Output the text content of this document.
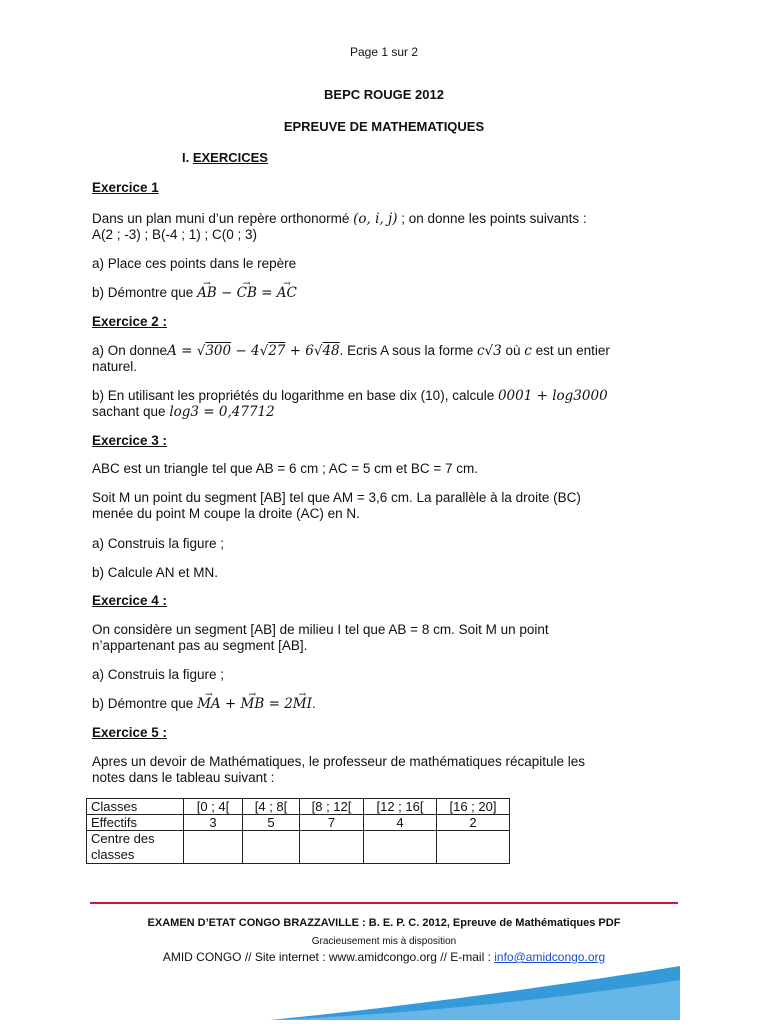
Page 1 sur 2
BEPC ROUGE 2012
EPREUVE DE MATHEMATIQUES
I. EXERCICES
Exercice 1
Dans un plan muni d’un repère orthonormé (o, i, j) ; on donne les points suivants :
A(2 ; -3) ; B(-4 ; 1) ; C(0 ; 3)
a) Place ces points dans le repère
b) Démontre que → AB − → CB = → AC
Exercice 2 :
a) On donneA = √300 − 4√27 + 6√48. Ecris A sous la forme c√3 où c est un entier
naturel.
b) En utilisant les propriétés du logarithme en base dix (10), calcule 0001 + log3000
sachant que log3 = 0,47712
Exercice 3 :
ABC est un triangle tel que AB = 6 cm ; AC = 5 cm et BC = 7 cm.
Soit M un point du segment [AB] tel que AM = 3,6 cm. La parallèle à la droite (BC)
menée du point M coupe la droite (AC) en N.
a) Construis la figure ;
b) Calcule AN et MN.
Exercice 4 :
On considère un segment [AB] de milieu I tel que AB = 8 cm. Soit M un point
n’appartenant pas au segment [AB].
a) Construis la figure ;
b) Démontre que → MA + → MB = 2→ MI.
Exercice 5 :
Apres un devoir de Mathématiques, le professeur de mathématiques récapitule les
notes dans le tableau suivant :
Classes	[0 ; 4[	[4 ; 8[	[8 ; 12[	[12 ; 16[	[16 ; 20]
Effectifs	3	5	7	4	2
Centre des
classes					
EXAMEN D’ETAT CONGO BRAZZAVILLE : B. E. P. C. 2012, Epreuve de Mathématiques PDF
Gracieusement mis à disposition
AMID CONGO // Site internet : www.amidcongo.org // E-mail : info@amidcongo.org
